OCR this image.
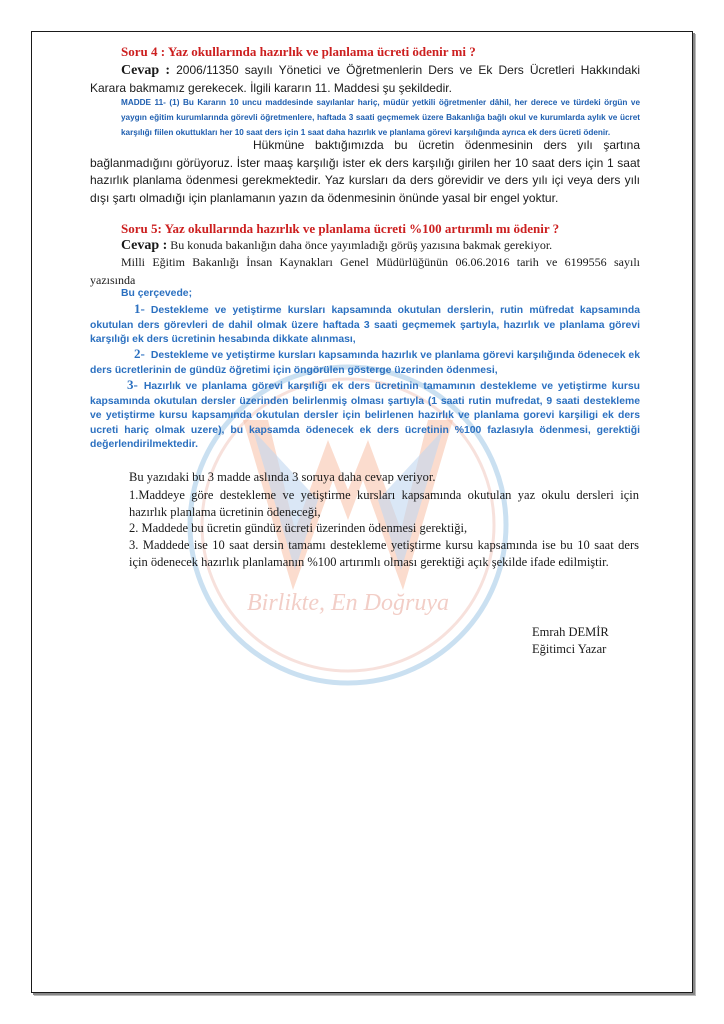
Birlikte, En Doğruya
Soru 4 : Yaz okullarında hazırlık ve planlama ücreti ödenir mi ?
Cevap : 2006/11350 sayılı Yönetici ve Öğretmenlerin Ders ve Ek Ders Ücretleri Hakkındaki Karara bakmamız gerekecek. İlgili kararın 11. Maddesi şu şekildedir.
MADDE 11- (1) Bu Kararın 10 uncu maddesinde sayılanlar hariç, müdür yetkili öğretmenler dâhil, her derece ve türdeki örgün ve yaygın eğitim kurumlarında görevli öğretmenlere, haftada 3 saati geçmemek üzere Bakanlığa bağlı okul ve kurumlarda aylık ve ücret karşılığı fiilen okuttukları her 10 saat ders için 1 saat daha hazırlık ve planlama görevi karşılığında ayrıca ek ders ücreti ödenir.
Hükmüne baktığımızda bu ücretin ödenmesinin ders yılı şartına bağlanmadığını görüyoruz. İster maaş karşılığı ister ek ders karşılığı girilen her 10 saat ders için 1 saat hazırlık planlama ödenmesi gerekmektedir. Yaz kursları da ders görevidir ve ders yılı içi veya ders yılı dışı şartı olmadığı için planlamanın yazın da ödenmesinin önünde yasal bir engel yoktur.
Soru 5: Yaz okullarında hazırlık ve planlama ücreti %100 artırımlı mı ödenir ?
Cevap : Bu konuda bakanlığın daha önce yayımladığı görüş yazısına bakmak gerekiyor.
Milli Eğitim Bakanlığı İnsan Kaynakları Genel Müdürlüğünün 06.06.2016 tarih ve 6199556 sayılı yazısında
Bu çerçevede;
1- Destekleme ve yetiştirme kursları kapsamında okutulan derslerin, rutin müfredat kapsamında okutulan ders görevleri de dahil olmak üzere haftada 3 saati geçmemek şartıyla, hazırlık ve planlama görevi karşılığı ek ders ücretinin hesabında dikkate alınması,
2- Destekleme ve yetiştirme kursları kapsamında hazırlık ve planlama görevi karşılığında ödenecek ek ders ücretlerinin de gündüz öğretimi için öngörülen gösterge üzerinden ödenmesi,
3- Hazırlık ve planlama görevi karşılığı ek ders ücretinin tamamının destekleme ve yetiştirme kursu kapsamında okutulan dersler üzerinden belirlenmiş olması şartıyla (1 saati rutin mufredat, 9 saati destekleme ve yetiştirme kursu kapsamında okutulan dersler için belirlenen hazırlık ve planlama gorevi karşiligi ek ders ucreti hariç olmak uzere), bu kapsamda ödenecek ek ders ücretinin %100 fazlasıyla ödenmesi, gerektiği değerlendirilmektedir.
Bu yazıdaki bu 3 madde aslında 3 soruya daha cevap veriyor.
1.Maddeye göre destekleme ve yetiştirme kursları kapsamında okutulan yaz okulu dersleri için hazırlık planlama ücretinin ödeneceği,
2. Maddede bu ücretin gündüz ücreti üzerinden ödenmesi gerektiği,
3. Maddede ise 10 saat dersin tamamı destekleme yetiştirme kursu kapsamında ise bu 10 saat ders için ödenecek hazırlık planlamanın %100 artırımlı olması gerektiği açık şekilde ifade edilmiştir.
Emrah DEMİR
Eğitimci Yazar
